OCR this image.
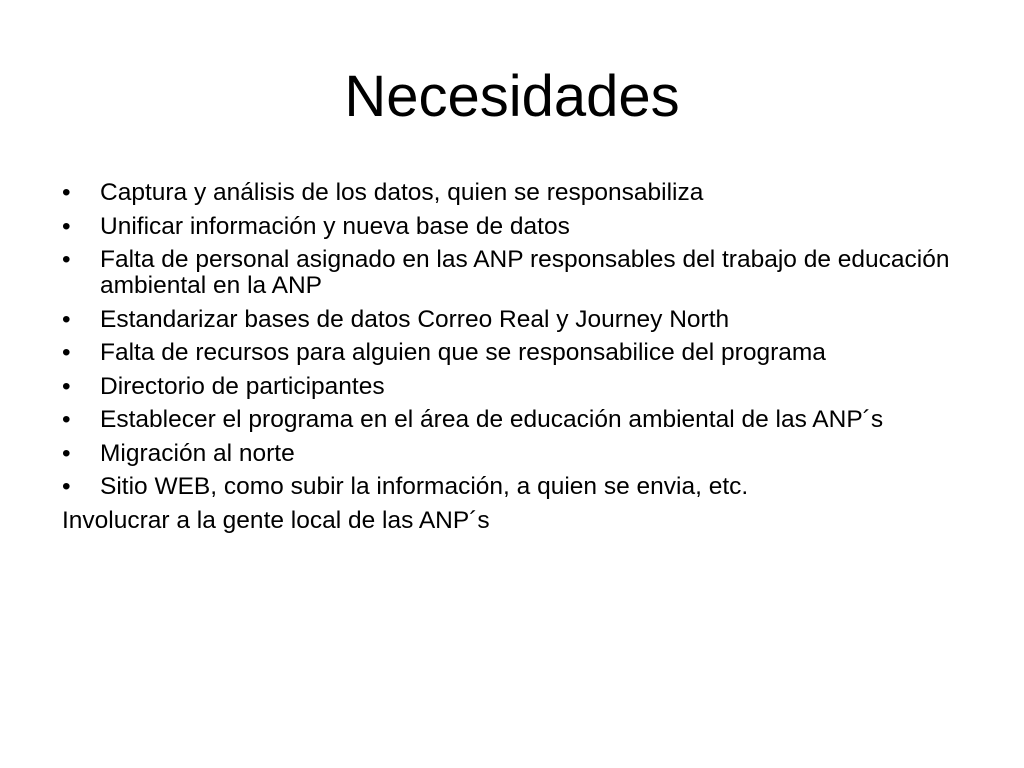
Necesidades
• Captura y análisis de los datos, quien se responsabiliza
• Unificar información y nueva base de datos
• Falta de personal asignado en las ANP responsables del trabajo de educación ambiental en la ANP
• Estandarizar bases de datos Correo Real y Journey North
• Falta de recursos para alguien que se responsabilice del programa
• Directorio de participantes
• Establecer el programa en el área de educación ambiental de las ANP´s
• Migración al norte
• Sitio WEB, como subir la información, a quien se envia, etc.
Involucrar a la gente local de las ANP´s
